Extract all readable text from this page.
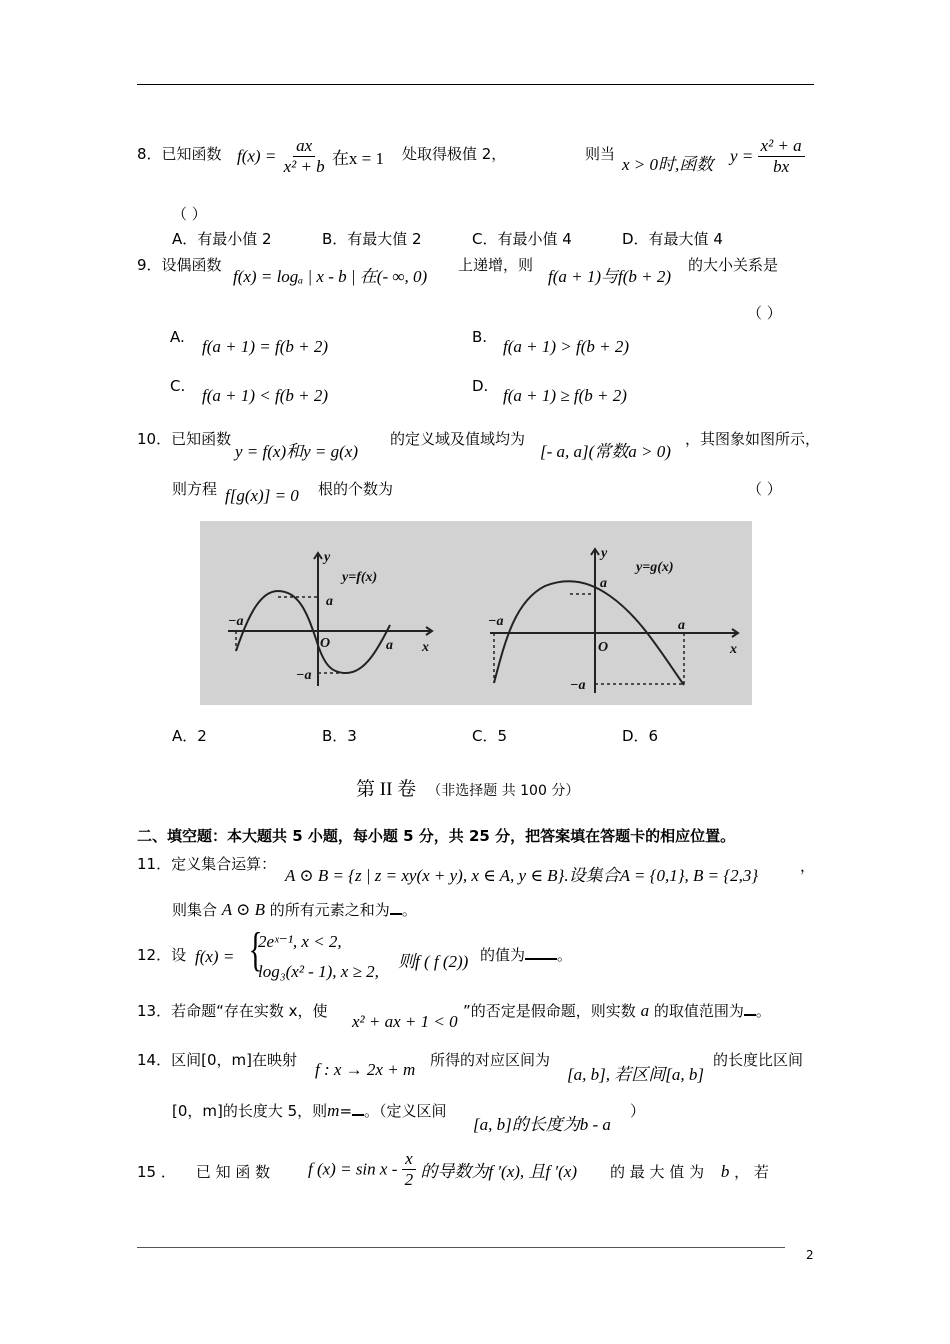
8．已知函数 $f(x) = \frac{ax}{\text{x² + b}}$ 在x = 1 处取得极值 2，	则当
x > 0时,函数 $y = \frac{\text{x² + a}}{bx}$
（ ）
A．有最小值 2	B．有最大值 2	C．有最小值 4	D．有最大值 4
9．设偶函数
f(x) = logₐ | x - b | 在(- ∞, 0)
上递增，则
f(a + 1)与f(b + 2)
的大小关系是
（ ）
A. f(a + 1) = f(b + 2)	B. f(a + 1) > f(b + 2)
C. f(a + 1) < f(b + 2)	D. f(a + 1) ≥ f(b + 2)
10．已知函数
y = f(x)和y = g(x)
的定义域及值域均为
[- a, a](常数a > 0)
，其图象如图所示，
则方程 f[g(x)] = 0 根的个数为	（ ）
y
y=f(x)
a
−a
O	a x
−a
y
y=g(x)
a
−a	a
O	x
−a
A．2	B．3	C．5	D．6
第 II 卷 （非选择题 共 100 分）
二、填空题：本大题共 5 小题，每小题 5 分，共 25 分，把答案填在答题卡的相应位置。
11．定义集合运算：
A ⊙ B = {z | z = xy(x + y), x ∈ A, y ∈ B}.设集合A = {0,1}, B = {2,3}	，
则集合 A ⊙ B 的所有元素之和为 。
12．设 f(x) = {
2eˣ⁻¹, x < 2,
log₃(x² - 1), x ≥ 2,
则f ( f (2)) 的值为 。
13．若命题“存在实数 x，使
x² + ax + 1 < 0
”的否定是假命题，则实数 a 的取值范围为 。
14．区间[0，m]在映射 f : x → 2x + m 所得的对应区间为
[a, b], 若区间[a, b]
的长度比区间
[0，m]的长度大 5，则m= 。（定义区间
[a, b]的长度为b - a
）
15 ． 已 知 函 数 f $(x) = \sin x - \frac{x}{2}$ 的导数为f ′(x), 且f ′(x) 的 最 大 值 为 b ， 若
2
